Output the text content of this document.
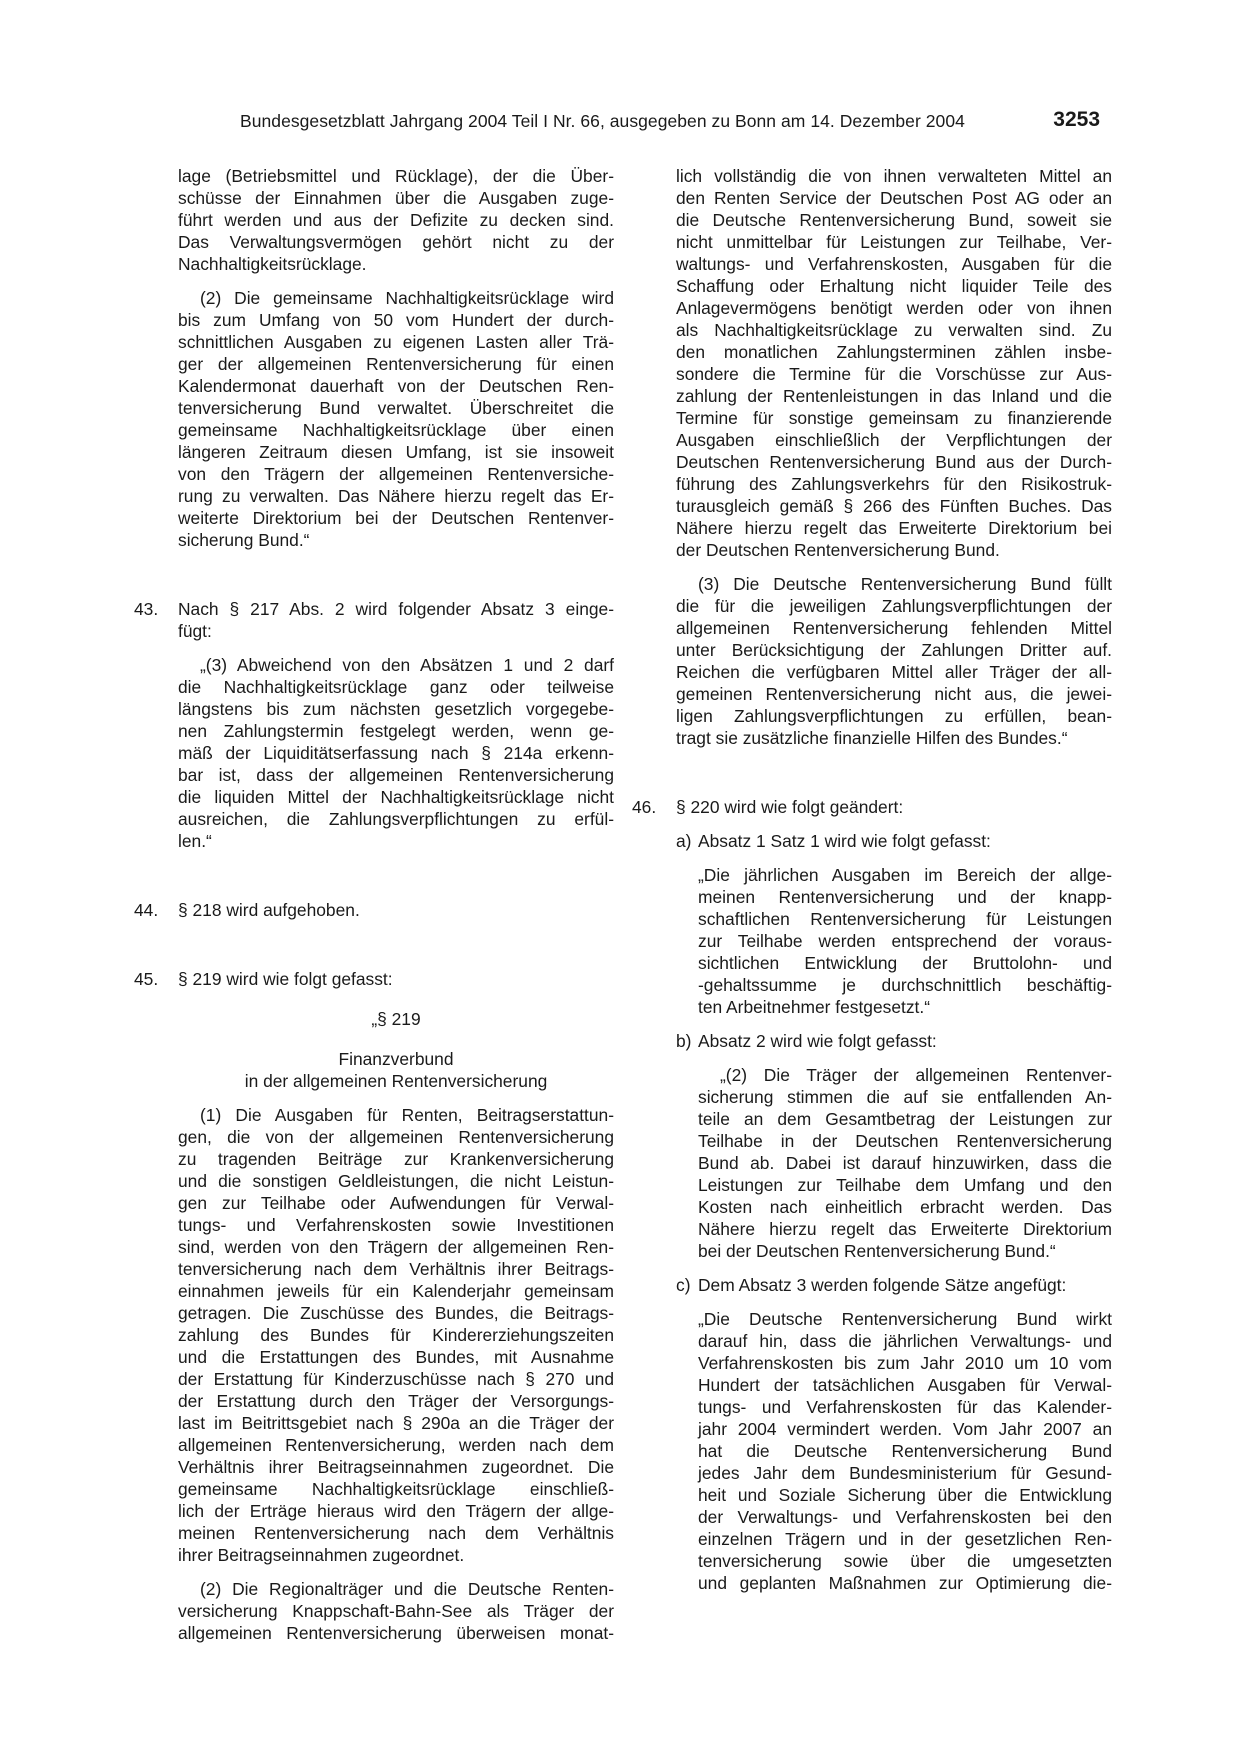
Bundesgesetzblatt Jahrgang 2004 Teil I Nr. 66, ausgegeben zu Bonn am 14. Dezember 2004	3253
lage (Betriebsmittel und Rücklage), der die Über-
schüsse der Einnahmen über die Ausgaben zuge-
führt werden und aus der Defizite zu decken sind.
Das Verwaltungsvermögen gehört nicht zu der
Nachhaltigkeitsrücklage.
(2) Die gemeinsame Nachhaltigkeitsrücklage wird
bis zum Umfang von 50 vom Hundert der durch-
schnittlichen Ausgaben zu eigenen Lasten aller Trä-
ger der allgemeinen Rentenversicherung für einen
Kalendermonat dauerhaft von der Deutschen Ren-
tenversicherung Bund verwaltet. Überschreitet die
gemeinsame Nachhaltigkeitsrücklage über einen
längeren Zeitraum diesen Umfang, ist sie insoweit
von den Trägern der allgemeinen Rentenversiche-
rung zu verwalten. Das Nähere hierzu regelt das Er-
weiterte Direktorium bei der Deutschen Rentenver-
sicherung Bund.“
43.	Nach § 217 Abs. 2 wird folgender Absatz 3 einge-
fügt:
„(3) Abweichend von den Absätzen 1 und 2 darf
die Nachhaltigkeitsrücklage ganz oder teilweise
längstens bis zum nächsten gesetzlich vorgegebe-
nen Zahlungstermin festgelegt werden, wenn ge-
mäß der Liquiditätserfassung nach § 214a erkenn-
bar ist, dass der allgemeinen Rentenversicherung
die liquiden Mittel der Nachhaltigkeitsrücklage nicht
ausreichen, die Zahlungsverpflichtungen zu erfül-
len.“
44.	§ 218 wird aufgehoben.
45.	§ 219 wird wie folgt gefasst:
„§ 219
Finanzverbund
in der allgemeinen Rentenversicherung
(1) Die Ausgaben für Renten, Beitragserstattun-
gen, die von der allgemeinen Rentenversicherung
zu tragenden Beiträge zur Krankenversicherung
und die sonstigen Geldleistungen, die nicht Leistun-
gen zur Teilhabe oder Aufwendungen für Verwal-
tungs- und Verfahrenskosten sowie Investitionen
sind, werden von den Trägern der allgemeinen Ren-
tenversicherung nach dem Verhältnis ihrer Beitrags-
einnahmen jeweils für ein Kalenderjahr gemeinsam
getragen. Die Zuschüsse des Bundes, die Beitrags-
zahlung des Bundes für Kindererziehungszeiten
und die Erstattungen des Bundes, mit Ausnahme
der Erstattung für Kinderzuschüsse nach § 270 und
der Erstattung durch den Träger der Versorgungs-
last im Beitrittsgebiet nach § 290a an die Träger der
allgemeinen Rentenversicherung, werden nach dem
Verhältnis ihrer Beitragseinnahmen zugeordnet. Die
gemeinsame Nachhaltigkeitsrücklage einschließ-
lich der Erträge hieraus wird den Trägern der allge-
meinen Rentenversicherung nach dem Verhältnis
ihrer Beitragseinnahmen zugeordnet.
(2) Die Regionalträger und die Deutsche Renten-
versicherung Knappschaft-Bahn-See als Träger der
allgemeinen Rentenversicherung überweisen monat-
lich vollständig die von ihnen verwalteten Mittel an
den Renten Service der Deutschen Post AG oder an
die Deutsche Rentenversicherung Bund, soweit sie
nicht unmittelbar für Leistungen zur Teilhabe, Ver-
waltungs- und Verfahrenskosten, Ausgaben für die
Schaffung oder Erhaltung nicht liquider Teile des
Anlagevermögens benötigt werden oder von ihnen
als Nachhaltigkeitsrücklage zu verwalten sind. Zu
den monatlichen Zahlungsterminen zählen insbe-
sondere die Termine für die Vorschüsse zur Aus-
zahlung der Rentenleistungen in das Inland und die
Termine für sonstige gemeinsam zu finanzierende
Ausgaben einschließlich der Verpflichtungen der
Deutschen Rentenversicherung Bund aus der Durch-
führung des Zahlungsverkehrs für den Risikostruk-
turausgleich gemäß § 266 des Fünften Buches. Das
Nähere hierzu regelt das Erweiterte Direktorium bei
der Deutschen Rentenversicherung Bund.
(3) Die Deutsche Rentenversicherung Bund füllt
die für die jeweiligen Zahlungsverpflichtungen der
allgemeinen Rentenversicherung fehlenden Mittel
unter Berücksichtigung der Zahlungen Dritter auf.
Reichen die verfügbaren Mittel aller Träger der all-
gemeinen Rentenversicherung nicht aus, die jewei-
ligen Zahlungsverpflichtungen zu erfüllen, bean-
tragt sie zusätzliche finanzielle Hilfen des Bundes.“
46.	§ 220 wird wie folgt geändert:
a) Absatz 1 Satz 1 wird wie folgt gefasst:
„Die jährlichen Ausgaben im Bereich der allge-
meinen Rentenversicherung und der knapp-
schaftlichen Rentenversicherung für Leistungen
zur Teilhabe werden entsprechend der voraus-
sichtlichen Entwicklung der Bruttolohn- und
-gehaltssumme je durchschnittlich beschäftig-
ten Arbeitnehmer festgesetzt.“
b) Absatz 2 wird wie folgt gefasst:
„(2) Die Träger der allgemeinen Rentenver-
sicherung stimmen die auf sie entfallenden An-
teile an dem Gesamtbetrag der Leistungen zur
Teilhabe in der Deutschen Rentenversicherung
Bund ab. Dabei ist darauf hinzuwirken, dass die
Leistungen zur Teilhabe dem Umfang und den
Kosten nach einheitlich erbracht werden. Das
Nähere hierzu regelt das Erweiterte Direktorium
bei der Deutschen Rentenversicherung Bund.“
c) Dem Absatz 3 werden folgende Sätze angefügt:
„Die Deutsche Rentenversicherung Bund wirkt
darauf hin, dass die jährlichen Verwaltungs- und
Verfahrenskosten bis zum Jahr 2010 um 10 vom
Hundert der tatsächlichen Ausgaben für Verwal-
tungs- und Verfahrenskosten für das Kalender-
jahr 2004 vermindert werden. Vom Jahr 2007 an
hat die Deutsche Rentenversicherung Bund
jedes Jahr dem Bundesministerium für Gesund-
heit und Soziale Sicherung über die Entwicklung
der Verwaltungs- und Verfahrenskosten bei den
einzelnen Trägern und in der gesetzlichen Ren-
tenversicherung sowie über die umgesetzten
und geplanten Maßnahmen zur Optimierung die-
